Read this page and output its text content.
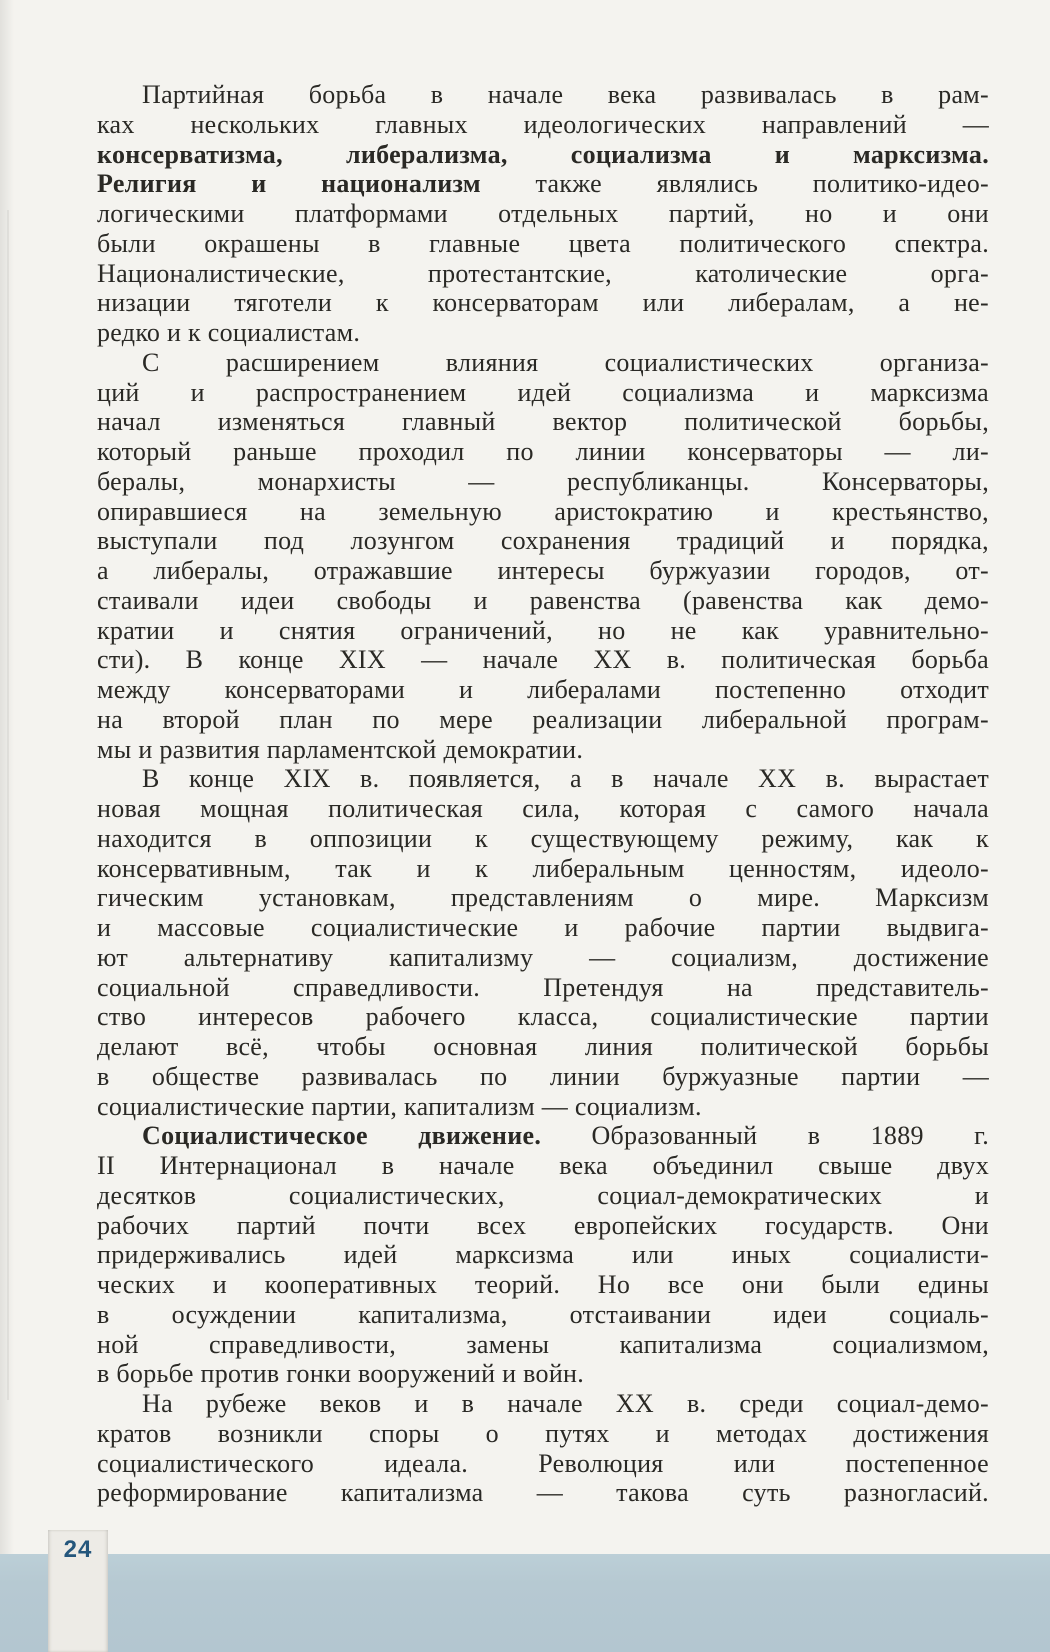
Партийная борьба в начале века развивалась в рам-
ках нескольких главных идеологических направлений —
консерватизма, либерализма, социализма и марксизма.
Религия и национализм также являлись политико-идео-
логическими платформами отдельных партий, но и они
были окрашены в главные цвета политического спектра.
Националистические, протестантские, католические орга-
низации тяготели к консерваторам или либералам, а не-
редко и к социалистам.
С расширением влияния социалистических организа-
ций и распространением идей социализма и марксизма
начал изменяться главный вектор политической борьбы,
который раньше проходил по линии консерваторы — ли-
бералы, монархисты — республиканцы. Консерваторы,
опиравшиеся на земельную аристократию и крестьянство,
выступали под лозунгом сохранения традиций и порядка,
а либералы, отражавшие интересы буржуазии городов, от-
стаивали идеи свободы и равенства (равенства как демо-
кратии и снятия ограничений, но не как уравнительно-
сти). В конце XIX — начале XX в. политическая борьба
между консерваторами и либералами постепенно отходит
на второй план по мере реализации либеральной програм-
мы и развития парламентской демократии.
В конце XIX в. появляется, а в начале XX в. вырастает
новая мощная политическая сила, которая с самого начала
находится в оппозиции к существующему режиму, как к
консервативным, так и к либеральным ценностям, идеоло-
гическим установкам, представлениям о мире. Марксизм
и массовые социалистические и рабочие партии выдвига-
ют альтернативу капитализму — социализм, достижение
социальной справедливости. Претендуя на представитель-
ство интересов рабочего класса, социалистические партии
делают всё, чтобы основная линия политической борьбы
в обществе развивалась по линии буржуазные партии —
социалистические партии, капитализм — социализм.
Социалистическое движение. Образованный в 1889 г.
II Интернационал в начале века объединил свыше двух
десятков социалистических, социал-демократических и
рабочих партий почти всех европейских государств. Они
придерживались идей марксизма или иных социалисти-
ческих и кооперативных теорий. Но все они были едины
в осуждении капитализма, отстаивании идеи социаль-
ной справедливости, замены капитализма социализмом,
в борьбе против гонки вооружений и войн.
На рубеже веков и в начале XX в. среди социал-демо-
кратов возникли споры о путях и методах достижения
социалистического идеала. Революция или постепенное
реформирование капитализма — такова суть разногласий.
24
